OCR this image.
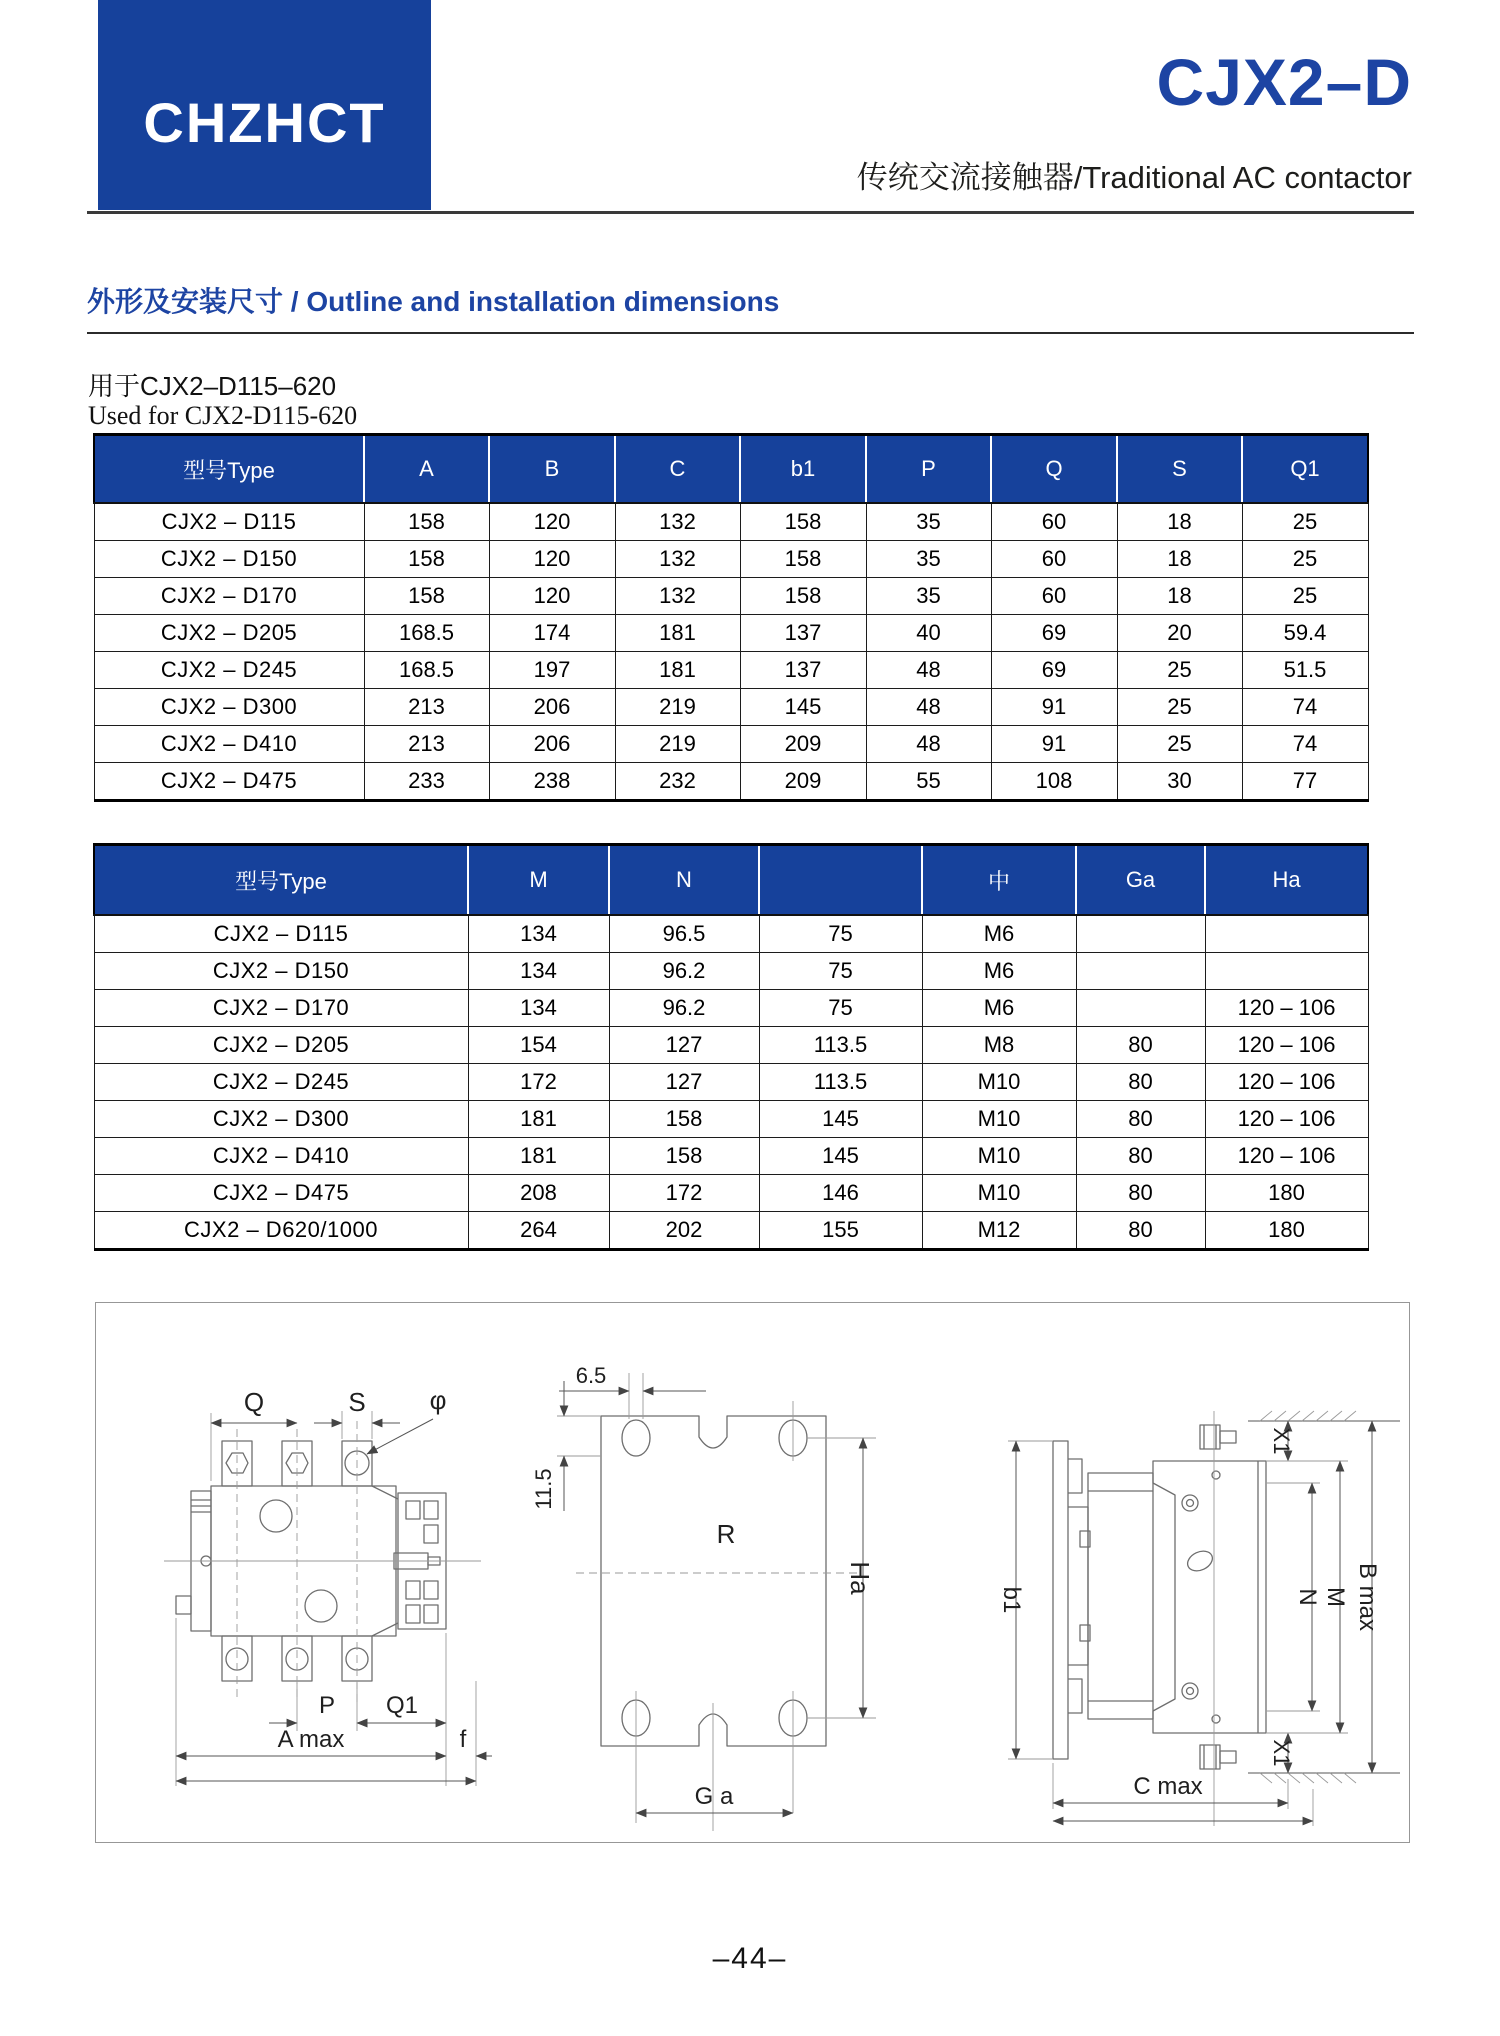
CHZHCT
CJX2–D
传统交流接触器/Traditional AC contactor
外形及安装尺寸 / Outline and installation dimensions
用于CJX2–D115–620
Used for CJX2-D115-620
型号Type	A	B	C	b1	P	Q	S	Q1
CJX2 – D115	158	120	132	158	35	60	18	25
CJX2 – D150	158	120	132	158	35	60	18	25
CJX2 – D170	158	120	132	158	35	60	18	25
CJX2 – D205	168.5	174	181	137	40	69	20	59.4
CJX2 – D245	168.5	197	181	137	48	69	25	51.5
CJX2 – D300	213	206	219	145	48	91	25	74
CJX2 – D410	213	206	219	209	48	91	25	74
CJX2 – D475	233	238	232	209	55	108	30	77
型号Type	M	N		中	Ga	Ha
CJX2 – D115	134	96.5	75	M6		
CJX2 – D150	134	96.2	75	M6		
CJX2 – D170	134	96.2	75	M6		120 – 106
CJX2 – D205	154	127	113.5	M8	80	120 – 106
CJX2 – D245	172	127	113.5	M10	80	120 – 106
CJX2 – D300	181	158	145	M10	80	120 – 106
CJX2 – D410	181	158	145	M10	80	120 – 106
CJX2 – D475	208	172	146	M10	80	180
CJX2 – D620/1000	264	202	155	M12	80	180
Q	S φ
P Q1
A max	f
6.5
11.5
R
G a
Ha
X1
X1
N M B max
b1
C max
–44–
